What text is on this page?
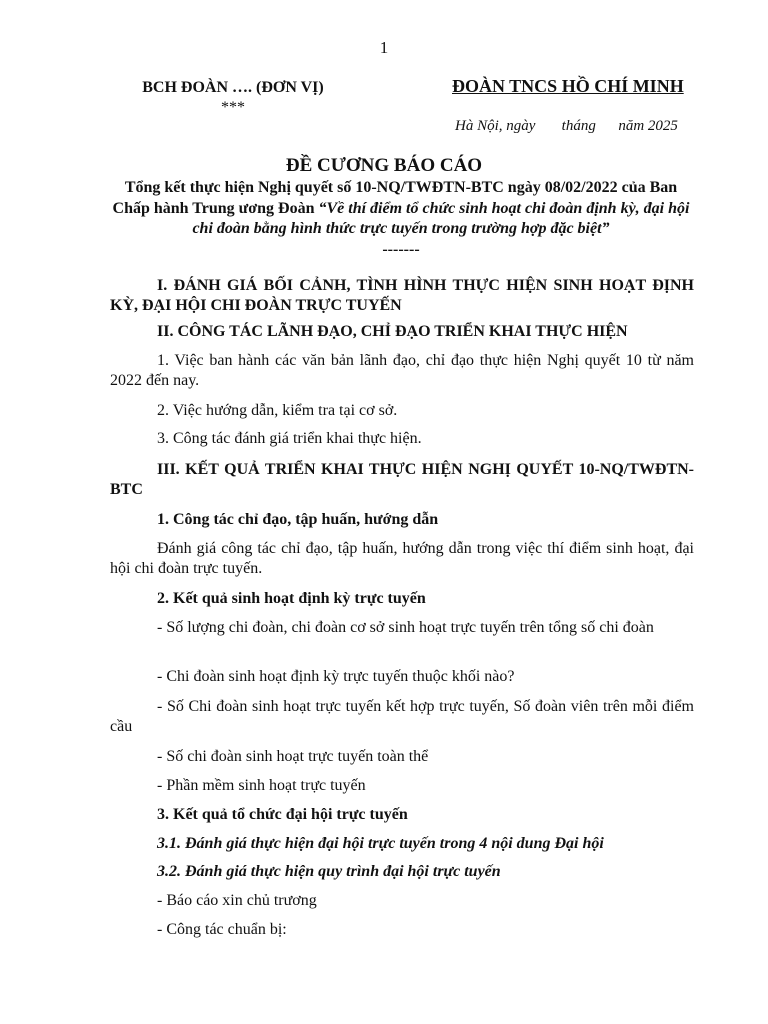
1
BCH ĐOÀN …. (ĐƠN VỊ)
***
ĐOÀN TNCS HỒ CHÍ MINH
Hà Nội, ngày       tháng      năm 2025
ĐỀ CƯƠNG BÁO CÁO
Tổng kết thực hiện Nghị quyết số 10-NQ/TWĐTN-BTC ngày 08/02/2022 của Ban Chấp hành Trung ương Đoàn “Về thí điểm tổ chức sinh hoạt chi đoàn định kỳ, đại hội chi đoàn bằng hình thức trực tuyến trong trường hợp đặc biệt”
-------
I. ĐÁNH GIÁ BỐI CẢNH, TÌNH HÌNH THỰC HIỆN SINH HOẠT ĐỊNH KỲ, ĐẠI HỘI CHI ĐOÀN TRỰC TUYẾN
II. CÔNG TÁC LÃNH ĐẠO, CHỈ ĐẠO TRIỂN KHAI THỰC HIỆN
1. Việc ban hành các văn bản lãnh đạo, chỉ đạo thực hiện Nghị quyết 10 từ năm 2022 đến nay.
2. Việc hướng dẫn, kiểm tra tại cơ sở.
3. Công tác đánh giá triển khai thực hiện.
III. KẾT QUẢ TRIỂN KHAI THỰC HIỆN NGHỊ QUYẾT 10-NQ/TWĐTN-BTC
1. Công tác chỉ đạo, tập huấn, hướng dẫn
Đánh giá công tác chỉ đạo, tập huấn, hướng dẫn trong việc thí điểm sinh hoạt, đại hội chi đoàn trực tuyến.
2. Kết quả sinh hoạt định kỳ trực tuyến
- Số lượng chi đoàn, chi đoàn cơ sở sinh hoạt trực tuyến trên tổng số chi đoàn
- Chi đoàn sinh hoạt định kỳ trực tuyến thuộc khối nào?
- Số Chi đoàn sinh hoạt trực tuyến kết hợp trực tuyến, Số đoàn viên trên mỗi điểm cầu
- Số chi đoàn sinh hoạt trực tuyến toàn thể
- Phần mềm sinh hoạt trực tuyến
3. Kết quả tổ chức đại hội trực tuyến
3.1. Đánh giá thực hiện đại hội trực tuyến trong 4 nội dung Đại hội
3.2. Đánh giá thực hiện quy trình đại hội trực tuyến
- Báo cáo xin chủ trương
- Công tác chuẩn bị:
